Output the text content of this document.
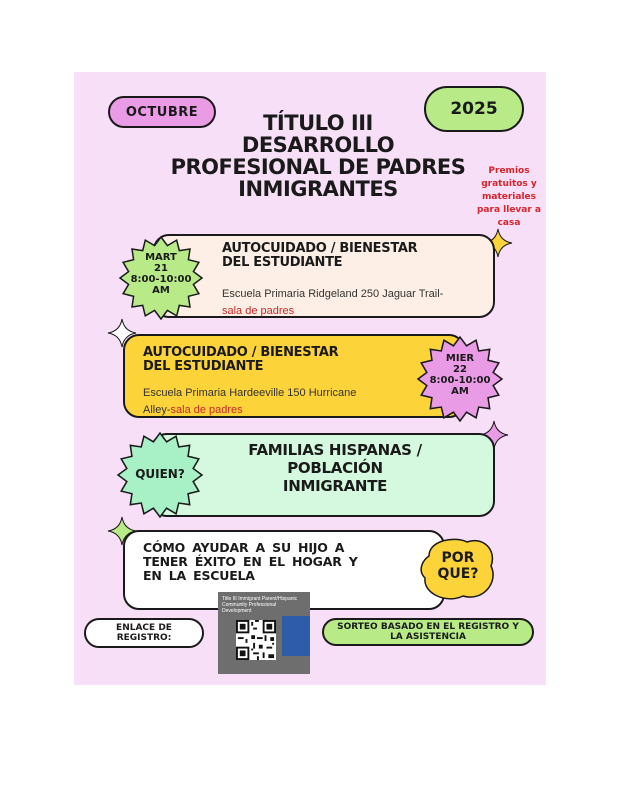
OCTUBRE	2025
TÍTULO III
DESARROLLO
PROFESIONAL DE PADRES
INMIGRANTES
Premios
gratuitos y
materiales
para llevar a
casa
AUTOCUIDADO / BIENESTAR
DEL ESTUDIANTE
Escuela Primaria Ridgeland 250 Jaguar Trail-
sala de padres
MART
21
8:00-10:00
AM
AUTOCUIDADO / BIENESTAR
DEL ESTUDIANTE
Escuela Primaria Hardeeville 150 Hurricane
Alley-sala de padres
MIER
22
8:00-10:00
AM
FAMILIAS HISPANAS /
POBLACIÓN
INMIGRANTE
QUIEN?
CÓMO AYUDAR A SU HIJO A
TENER ÉXITO EN EL HOGAR Y
EN LA ESCUELA
POR
QUE?
ENLACE DE
REGISTRO:
Title III Immigrant Parent/Hispanic Community Professional Development
SORTEO BASADO EN EL REGISTRO Y
LA ASISTENCIA
